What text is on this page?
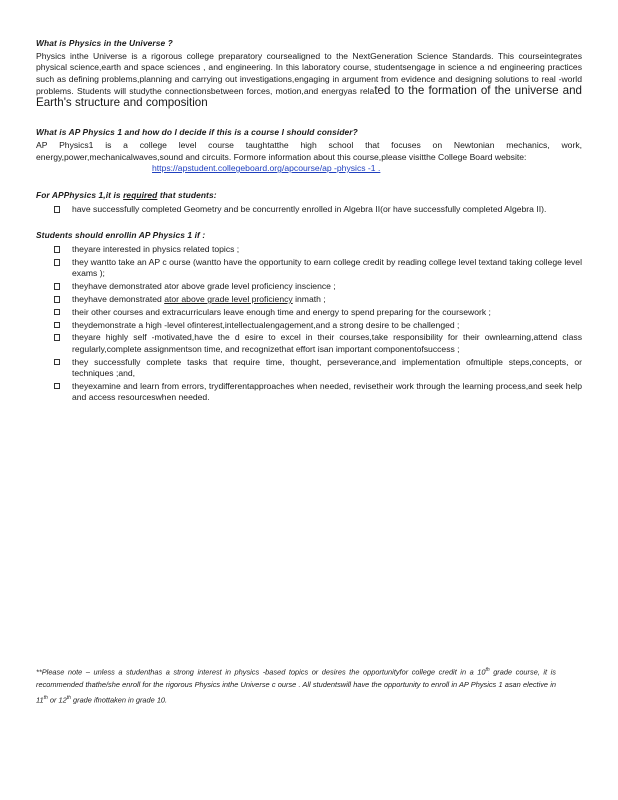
What is Physics in the Universe ?

Physics inthe Universe is a rigorous college preparatory coursealigned to the NextGeneration Science Standards. This courseintegrates physical science,earth and space sciences , and engineering. In this laboratory course, studentsengage in science a nd engineering practices such as defining problems,planning and carrying out investigations,engaging in argument from evidence and designing solutions to real -world problems. Students will studythe connectionsbetween forces, motion,and energyas related to the formation of the universe and Earth's structure and composition

What is AP Physics 1 and how do I decide if this is a course I should consider?

AP Physics1 is a college level course taughtatthe high school that focuses on Newtonian mechanics, work, energy,power,mechanicalwaves,sound and circuits. Formore information about this course,please visitthe College Board website:

https://apstudent.collegeboard.org/apcourse/ap -physics -1 .

For APPhysics 1,it is required that students:

have successfully completed Geometry and be concurrently enrolled in Algebra II(or have successfully completed Algebra II).

Students should enrollin AP Physics 1 if :

theyare interested in physics related topics ;
they wantto take an AP c ourse (wantto have the opportunity to earn college credit by reading college level textand taking college level exams );
theyhave demonstrated ator above grade level proficiency inscience ;
theyhave demonstrated ator above grade level proficiency inmath ;
their other courses and extracurriculars leave enough time and energy to spend preparing for the coursework ;
theydemonstrate a high -level ofinterest,intellectualengagement,and a strong desire to be challenged ;
theyare highly self -motivated,have the d esire to excel in their courses,take responsibility for their ownlearning,attend class regularly,complete assignmentson time, and recognizethat effort isan important componentofsuccess ;
they successfully complete tasks that require time, thought, perseverance,and implementation ofmultiple steps,concepts, or techniques ;and,
theyexamine and learn from errors, trydifferentapproaches when needed, revisetheir work through the learning process,and seek help and access resourceswhen needed.

**Please note – unless a studenthas a strong interest in physics -based topics or desires the opportunityfor college credit in a 10th grade course, it is recommended thathe/she enroll for the rigorous Physics inthe Universe c ourse . All studentswill have the opportunity to enroll in AP Physics 1 asan elective in 11th or 12th grade ifnottaken in grade 10.
